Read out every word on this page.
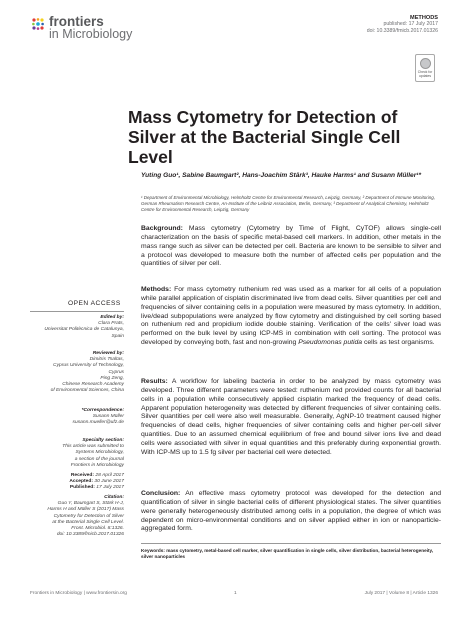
frontiers
in Microbiology
METHODS
published: 17 July 2017
doi: 10.3389/fmicb.2017.01326
Check for updates
Mass Cytometry for Detection of Silver at the Bacterial Single Cell Level
Yuting Guo¹, Sabine Baumgart², Hans-Joachim Stärk³, Hauke Harms¹ and Susann Müller¹*
¹ Department of Environmental Microbiology, Helmholtz Centre for Environmental Research, Leipzig, Germany, ² Department of Immune Monitoring, German Rheumatism Research Centre, An-Institute of the Leibniz Association, Berlin, Germany, ³ Department of Analytical Chemistry, Helmholtz Centre for Environmental Research, Leipzig, Germany
Background: Mass cytometry (Cytometry by Time of Flight, CyTOF) allows single-cell characterization on the basis of specific metal-based cell markers. In addition, other metals in the mass range such as silver can be detected per cell. Bacteria are known to be sensible to silver and a protocol was developed to measure both the number of affected cells per population and the quantities of silver per cell.
Methods: For mass cytometry ruthenium red was used as a marker for all cells of a population while parallel application of cisplatin discriminated live from dead cells. Silver quantities per cell and frequencies of silver containing cells in a population were measured by mass cytometry. In addition, live/dead subpopulations were analyzed by flow cytometry and distinguished by cell sorting based on ruthenium red and propidium iodide double staining. Verification of the cells' silver load was performed on the bulk level by using ICP-MS in combination with cell sorting. The protocol was developed by conveying both, fast and non-growing Pseudomonas putida cells as test organisms.
Results: A workflow for labeling bacteria in order to be analyzed by mass cytometry was developed. Three different parameters were tested: ruthenium red provided counts for all bacterial cells in a population while consecutively applied cisplatin marked the frequency of dead cells. Apparent population heterogeneity was detected by different frequencies of silver containing cells. Silver quantities per cell were also well measurable. Generally, AgNP-10 treatment caused higher frequencies of dead cells, higher frequencies of silver containing cells and higher per-cell silver quantities. Due to an assumed chemical equilibrium of free and bound silver ions live and dead cells were associated with silver in equal quantities and this preferably during exponential growth. With ICP-MS up to 1.5 fg silver per bacterial cell were detected.
Conclusion: An effective mass cytometry protocol was developed for the detection and quantification of silver in single bacterial cells of different physiological states. The silver quantities were generally heterogeneously distributed among cells in a population, the degree of which was dependent on micro-environmental conditions and on silver applied either in ion or nanoparticle-aggregated form.
Keywords: mass cytometry, metal-based cell marker, silver quantification in single cells, silver distribution, bacterial heterogeneity, silver nanoparticles
OPEN ACCESS
Edited by:
Clara Prats,
Universitat Politècnica de Catalunya,
Spain
Reviewed by:
Dimitris Tsaltas,
Cyprus University of Technology,
Cyprus
Ping Zeng,
Chinese Research Academy
of Environmental Sciences, China
*Correspondence:
Susann Müller
susann.mueller@ufz.de
Specialty section:
This article was submitted to
Systems Microbiology,
a section of the journal
Frontiers in Microbiology
Received: 28 April 2017
Accepted: 30 June 2017
Published: 17 July 2017
Citation:
Guo Y, Baumgart S, Stärk H-J,
Harms H and Müller S (2017) Mass
Cytometry for Detection of Silver
at the Bacterial Single Cell Level.
Front. Microbiol. 8:1326.
doi: 10.3389/fmicb.2017.01326
Frontiers in Microbiology | www.frontiersin.org	1	July 2017 | Volume 8 | Article 1326
